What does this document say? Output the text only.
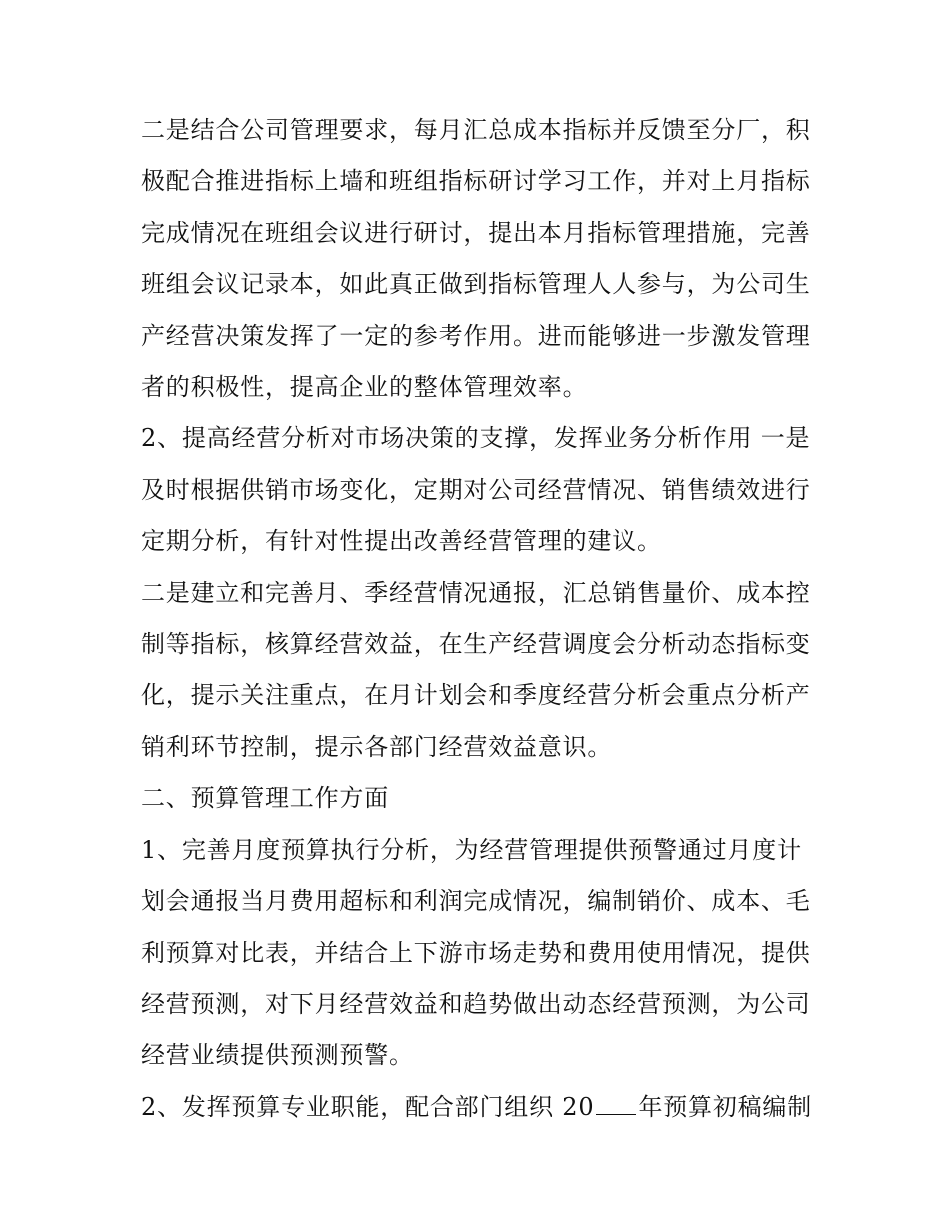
二是结合公司管理要求，每月汇总成本指标并反馈至分厂，积极配合推进指标上墙和班组指标研讨学习工作，并对上月指标完成情况在班组会议进行研讨，提出本月指标管理措施，完善班组会议记录本，如此真正做到指标管理人人参与，为公司生产经营决策发挥了一定的参考作用。进而能够进一步激发管理者的积极性，提高企业的整体管理效率。

2、提高经营分析对市场决策的支撑，发挥业务分析作用 一是及时根据供销市场变化，定期对公司经营情况、销售绩效进行定期分析，有针对性提出改善经营管理的建议。

二是建立和完善月、季经营情况通报，汇总销售量价、成本控制等指标，核算经营效益，在生产经营调度会分析动态指标变化，提示关注重点，在月计划会和季度经营分析会重点分析产销利环节控制，提示各部门经营效益意识。

二、预算管理工作方面

1、完善月度预算执行分析，为经营管理提供预警通过月度计划会通报当月费用超标和利润完成情况，编制销价、成本、毛利预算对比表，并结合上下游市场走势和费用使用情况，提供经营预测，对下月经营效益和趋势做出动态经营预测，为公司经营业绩提供预测预警。

2、发挥预算专业职能，配合部门组织 20 年预算初稿编制
